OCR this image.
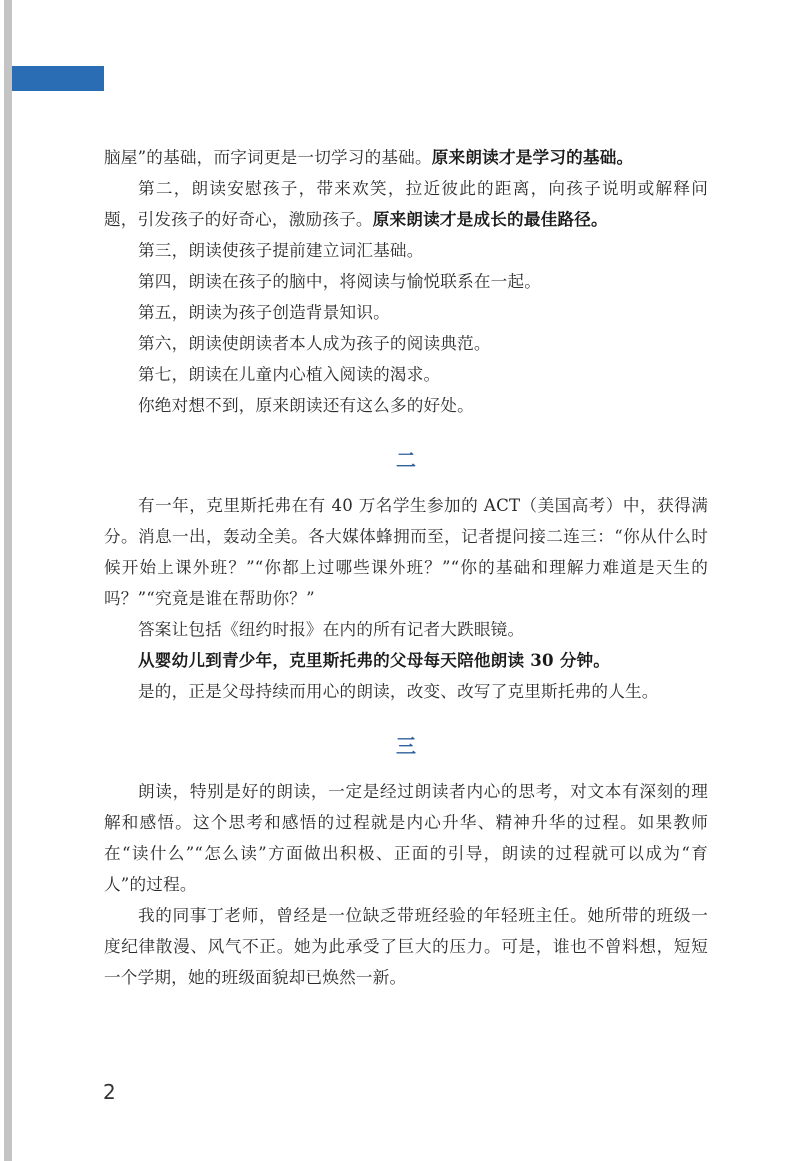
脑屋”的基础，而字词更是一切学习的基础。原来朗读才是学习的基础。

第二，朗读安慰孩子，带来欢笑，拉近彼此的距离，向孩子说明或解释问题，引发孩子的好奇心，激励孩子。原来朗读才是成长的最佳路径。

第三，朗读使孩子提前建立词汇基础。

第四，朗读在孩子的脑中，将阅读与愉悦联系在一起。

第五，朗读为孩子创造背景知识。

第六，朗读使朗读者本人成为孩子的阅读典范。

第七，朗读在儿童内心植入阅读的渴求。

你绝对想不到，原来朗读还有这么多的好处。

二

有一年，克里斯托弗在有 40 万名学生参加的 ACT（美国高考）中，获得满分。消息一出，轰动全美。各大媒体蜂拥而至，记者提问接二连三：“你从什么时候开始上课外班？”“你都上过哪些课外班？”“你的基础和理解力难道是天生的吗？”“究竟是谁在帮助你？”

答案让包括《纽约时报》在内的所有记者大跌眼镜。

从婴幼儿到青少年，克里斯托弗的父母每天陪他朗读 30 分钟。

是的，正是父母持续而用心的朗读，改变、改写了克里斯托弗的人生。

三

朗读，特别是好的朗读，一定是经过朗读者内心的思考，对文本有深刻的理解和感悟。这个思考和感悟的过程就是内心升华、精神升华的过程。如果教师在“读什么”“怎么读”方面做出积极、正面的引导，朗读的过程就可以成为“育人”的过程。

我的同事丁老师，曾经是一位缺乏带班经验的年轻班主任。她所带的班级一度纪律散漫、风气不正。她为此承受了巨大的压力。可是，谁也不曾料想，短短一个学期，她的班级面貌却已焕然一新。

2
